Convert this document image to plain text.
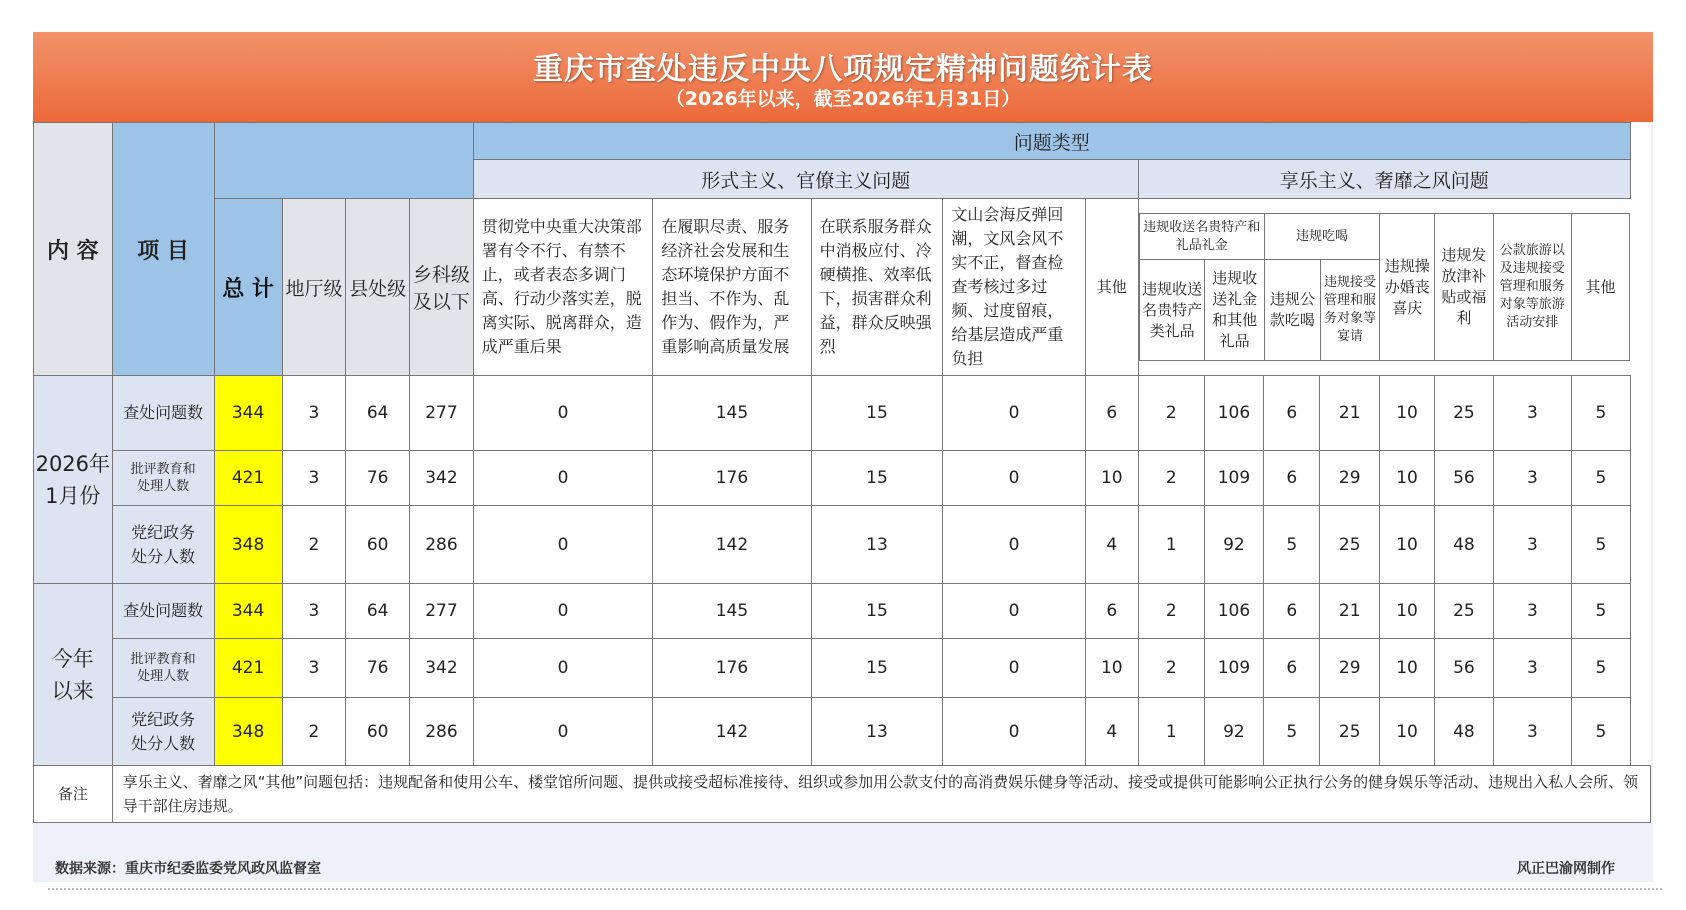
重庆市查处违反中央八项规定精神问题统计表
（2026年以来，截至2026年1月31日）
内 容	项 目		问题类型	
形式主义、官僚主义问题	享乐主义、奢靡之风问题
总 计	地厅级	县处级	乡科级及以下	贯彻党中央重大决策部署有令不行、有禁不止，或者表态多调门高、行动少落实差，脱离实际、脱离群众，造成严重后果	在履职尽责、服务经济社会发展和生态环境保护方面不担当、不作为、乱作为、假作为，严重影响高质量发展	在联系服务群众中消极应付、冷硬横推、效率低下，损害群众利益，群众反映强烈	文山会海反弹回潮，文风会风不实不正，督查检查考核过多过频、过度留痕，给基层造成严重负担	其他	
违规收送名贵特产和礼品礼金	违规吃喝	违规操办婚丧喜庆	违规发放津补贴或福利	公款旅游以及违规接受管理和服务对象等旅游活动安排	其他
违规收送名贵特产类礼品	违规收送礼金和其他礼品	违规公款吃喝	违规接受管理和服务对象等宴请

2026年1月份	查处问题数	344	3	64	277	0	145	15	0	6	2	106	6	21	10	25	3	5
批评教育和处理人数	421	3	76	342	0	176	15	0	10	2	109	6	29	10	56	3	5
党纪政务处分人数	348	2	60	286	0	142	13	0	4	1	92	5	25	10	48	3	5
今年以来	查处问题数	344	3	64	277	0	145	15	0	6	2	106	6	21	10	25	3	5
批评教育和处理人数	421	3	76	342	0	176	15	0	10	2	109	6	29	10	56	3	5
党纪政务处分人数	348	2	60	286	0	142	13	0	4	1	92	5	25	10	48	3	5
备注	享乐主义、奢靡之风“其他”问题包括：违规配备和使用公车、楼堂馆所问题、提供或接受超标准接待、组织或参加用公款支付的高消费娱乐健身等活动、接受或提供可能影响公正执行公务的健身娱乐等活动、违规出入私人会所、领导干部住房违规。
数据来源：重庆市纪委监委党风政风监督室	风正巴渝网制作
